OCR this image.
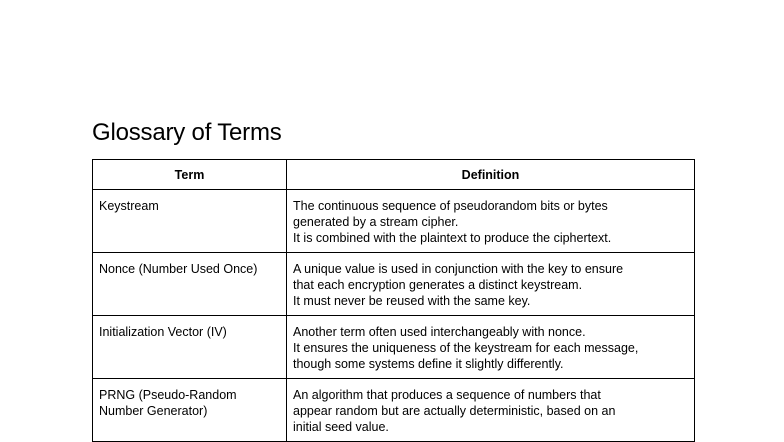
Glossary of Terms
Term	Definition
Keystream	The continuous sequence of pseudorandom bits or bytes
generated by a stream cipher.
It is combined with the plaintext to produce the ciphertext.

Nonce (Number Used Once)	A unique value is used in conjunction with the key to ensure
that each encryption generates a distinct keystream.
It must never be reused with the same key.

Initialization Vector (IV)	Another term often used interchangeably with nonce.
It ensures the uniqueness of the keystream for each message,
though some systems define it slightly differently.

PRNG (Pseudo-Random
Number Generator)	An algorithm that produces a sequence of numbers that
appear random but are actually deterministic, based on an
initial seed value.
